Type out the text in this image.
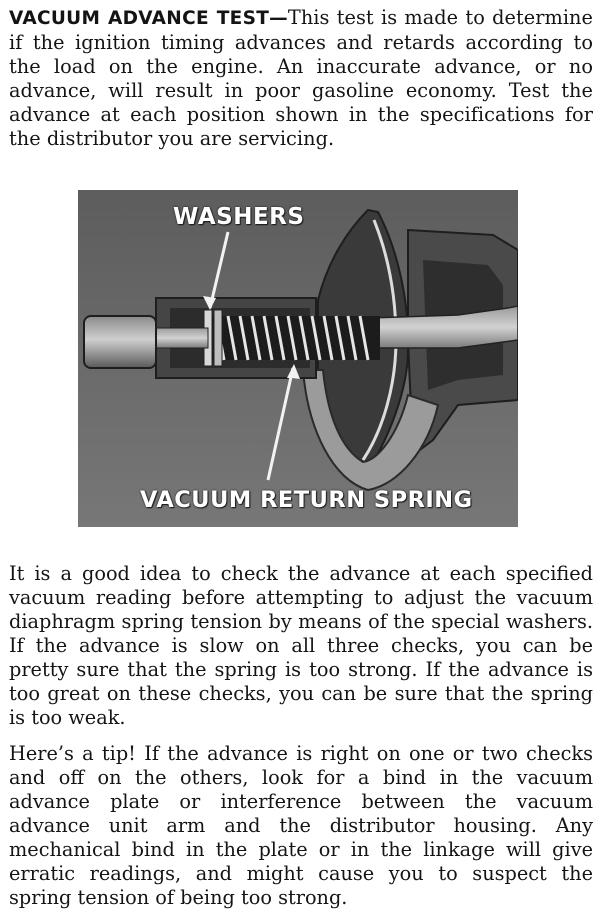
VACUUM ADVANCE TEST—This test is made to determine if the ignition timing advances and retards according to the load on the engine. An inaccurate advance, or no advance, will result in poor gasoline economy. Test the advance at each position shown in the specifications for the distributor you are servicing.

WASHERS
VACUUM RETURN SPRING

It is a good idea to check the advance at each specified vacuum reading before attempting to adjust the vacuum diaphragm spring tension by means of the special washers. If the advance is slow on all three checks, you can be pretty sure that the spring is too strong. If the advance is too great on these checks, you can be sure that the spring is too weak.

Here’s a tip! If the advance is right on one or two checks and off on the others, look for a bind in the vacuum advance plate or interference between the vacuum advance unit arm and the distributor housing. Any mechanical bind in the plate or in the linkage will give erratic readings, and might cause you to suspect the spring tension of being too strong.
